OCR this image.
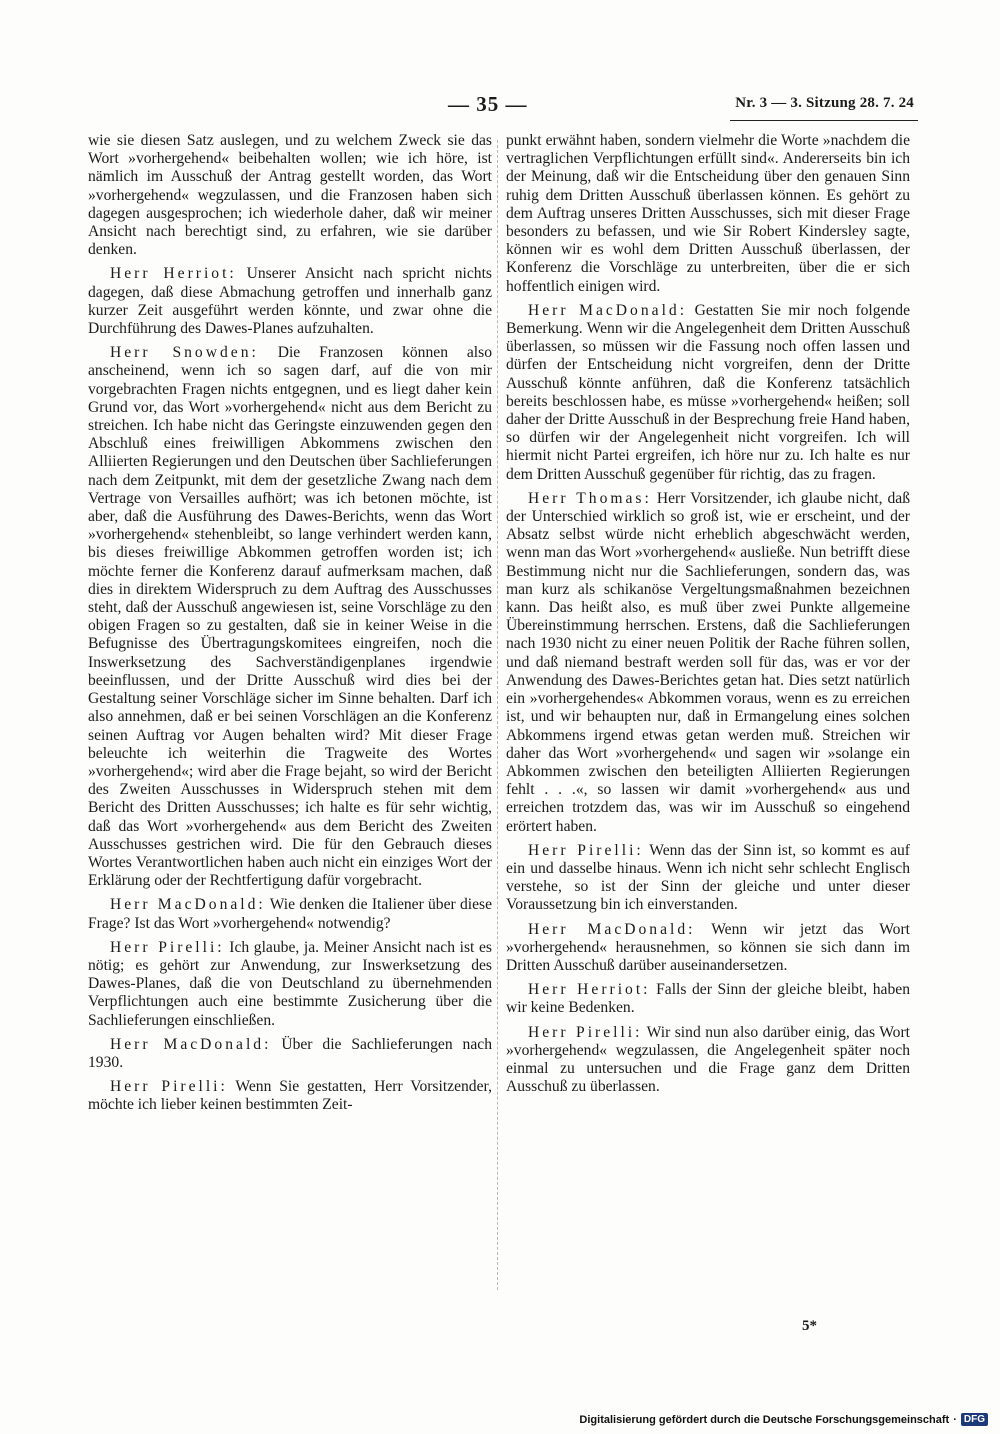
— 35 —	Nr. 3 — 3. Sitzung 28. 7. 24

wie sie diesen Satz auslegen, und zu welchem Zweck sie das Wort »vorhergehend« beibehalten wollen; wie ich höre, ist nämlich im Ausschuß der Antrag gestellt worden, das Wort »vorhergehend« wegzulassen, und die Franzosen haben sich dagegen ausgesprochen; ich wiederhole daher, daß wir meiner Ansicht nach berechtigt sind, zu erfahren, wie sie darüber denken.

Herr Herriot: Unserer Ansicht nach spricht nichts dagegen, daß diese Abmachung getroffen und innerhalb ganz kurzer Zeit ausgeführt werden könnte, und zwar ohne die Durchführung des Dawes-Planes aufzuhalten.

Herr Snowden: Die Franzosen können also anscheinend, wenn ich so sagen darf, auf die von mir vorgebrachten Fragen nichts entgegnen, und es liegt daher kein Grund vor, das Wort »vorhergehend« nicht aus dem Bericht zu streichen. Ich habe nicht das Geringste einzuwenden gegen den Abschluß eines freiwilligen Abkommens zwischen den Alliierten Regierungen und den Deutschen über Sachlieferungen nach dem Zeitpunkt, mit dem der gesetzliche Zwang nach dem Vertrage von Versailles aufhört; was ich betonen möchte, ist aber, daß die Ausführung des Dawes-Berichts, wenn das Wort »vorhergehend« stehenbleibt, so lange verhindert werden kann, bis dieses freiwillige Abkommen getroffen worden ist; ich möchte ferner die Konferenz darauf aufmerksam machen, daß dies in direktem Widerspruch zu dem Auftrag des Ausschusses steht, daß der Ausschuß angewiesen ist, seine Vorschläge zu den obigen Fragen so zu gestalten, daß sie in keiner Weise in die Befugnisse des Übertragungskomitees eingreifen, noch die Inswerksetzung des Sachverständigenplanes irgendwie beeinflussen, und der Dritte Ausschuß wird dies bei der Gestaltung seiner Vorschläge sicher im Sinne behalten. Darf ich also annehmen, daß er bei seinen Vorschlägen an die Konferenz seinen Auftrag vor Augen behalten wird? Mit dieser Frage beleuchte ich weiterhin die Tragweite des Wortes »vorhergehend«; wird aber die Frage bejaht, so wird der Bericht des Zweiten Ausschusses in Widerspruch stehen mit dem Bericht des Dritten Ausschusses; ich halte es für sehr wichtig, daß das Wort »vorhergehend« aus dem Bericht des Zweiten Ausschusses gestrichen wird. Die für den Gebrauch dieses Wortes Verantwortlichen haben auch nicht ein einziges Wort der Erklärung oder der Rechtfertigung dafür vorgebracht.

Herr MacDonald: Wie denken die Italiener über diese Frage? Ist das Wort »vorhergehend« notwendig?

Herr Pirelli: Ich glaube, ja. Meiner Ansicht nach ist es nötig; es gehört zur Anwendung, zur Inswerksetzung des Dawes-Planes, daß die von Deutschland zu übernehmenden Verpflichtungen auch eine bestimmte Zusicherung über die Sachlieferungen einschließen.

Herr MacDonald: Über die Sachlieferungen nach 1930.

Herr Pirelli: Wenn Sie gestatten, Herr Vorsitzender, möchte ich lieber keinen bestimmten Zeit-

punkt erwähnt haben, sondern vielmehr die Worte »nachdem die vertraglichen Verpflichtungen erfüllt sind«. Andererseits bin ich der Meinung, daß wir die Entscheidung über den genauen Sinn ruhig dem Dritten Ausschuß überlassen können. Es gehört zu dem Auftrag unseres Dritten Ausschusses, sich mit dieser Frage besonders zu befassen, und wie Sir Robert Kindersley sagte, können wir es wohl dem Dritten Ausschuß überlassen, der Konferenz die Vorschläge zu unterbreiten, über die er sich hoffentlich einigen wird.

Herr MacDonald: Gestatten Sie mir noch folgende Bemerkung. Wenn wir die Angelegenheit dem Dritten Ausschuß überlassen, so müssen wir die Fassung noch offen lassen und dürfen der Entscheidung nicht vorgreifen, denn der Dritte Ausschuß könnte anführen, daß die Konferenz tatsächlich bereits beschlossen habe, es müsse »vorhergehend« heißen; soll daher der Dritte Ausschuß in der Besprechung freie Hand haben, so dürfen wir der Angelegenheit nicht vorgreifen. Ich will hiermit nicht Partei ergreifen, ich höre nur zu. Ich halte es nur dem Dritten Ausschuß gegenüber für richtig, das zu fragen.

Herr Thomas: Herr Vorsitzender, ich glaube nicht, daß der Unterschied wirklich so groß ist, wie er erscheint, und der Absatz selbst würde nicht erheblich abgeschwächt werden, wenn man das Wort »vorhergehend« ausließe. Nun betrifft diese Bestimmung nicht nur die Sachlieferungen, sondern das, was man kurz als schikanöse Vergeltungsmaßnahmen bezeichnen kann. Das heißt also, es muß über zwei Punkte allgemeine Übereinstimmung herrschen. Erstens, daß die Sachlieferungen nach 1930 nicht zu einer neuen Politik der Rache führen sollen, und daß niemand bestraft werden soll für das, was er vor der Anwendung des Dawes-Berichtes getan hat. Dies setzt natürlich ein »vorhergehendes« Abkommen voraus, wenn es zu erreichen ist, und wir behaupten nur, daß in Ermangelung eines solchen Abkommens irgend etwas getan werden muß. Streichen wir daher das Wort »vorhergehend« und sagen wir »solange ein Abkommen zwischen den beteiligten Alliierten Regierungen fehlt . . .«, so lassen wir damit »vorhergehend« aus und erreichen trotzdem das, was wir im Ausschuß so eingehend erörtert haben.

Herr Pirelli: Wenn das der Sinn ist, so kommt es auf ein und dasselbe hinaus. Wenn ich nicht sehr schlecht Englisch verstehe, so ist der Sinn der gleiche und unter dieser Voraussetzung bin ich einverstanden.

Herr MacDonald: Wenn wir jetzt das Wort »vorhergehend« herausnehmen, so können sie sich dann im Dritten Ausschuß darüber auseinandersetzen.

Herr Herriot: Falls der Sinn der gleiche bleibt, haben wir keine Bedenken.

Herr Pirelli: Wir sind nun also darüber einig, das Wort »vorhergehend« wegzulassen, die Angelegenheit später noch einmal zu untersuchen und die Frage ganz dem Dritten Ausschuß zu überlassen.

5*
Digitalisierung gefördert durch die Deutsche Forschungsgemeinschaft · DFG
